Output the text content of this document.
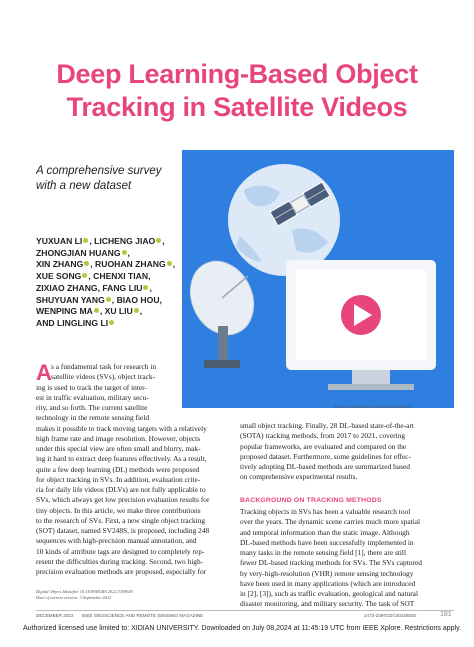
Deep Learning-Based Object
Tracking in Satellite Videos
A comprehensive survey
with a new dataset
IMAGE LICENSED BY INGRAM PUBLISHING
YUXUAN LI , LICHENG JIAO ,
ZHONGJIAN HUANG ,
XIN ZHANG , RUOHAN ZHANG ,
XUE SONG , CHENXI TIAN,
ZIXIAO ZHANG, FANG LIU ,
SHUYUAN YANG , BIAO HOU,
WENPING MA , XU LIU ,
AND LINGLING LI
A s a fundamental task for research in
satellite videos (SVs), object track-
ing is used to track the target of inter-
est in traffic evaluation, military secu-
rity, and so forth. The current satellite
technology in the remote sensing field
makes it possible to track moving targets with a relatively
high frame rate and image resolution. However, objects
under this special view are often small and blurry, mak-
ing it hard to extract deep features effectively. As a result,
quite a few deep learning (DL) methods were proposed
for object tracking in SVs. In addition, evaluation crite-
ria for daily life videos (DLVs) are not fully applicable to
SVs, which always get low precision evaluation results for
tiny objects. In this article, we make three contributions
to the research of SVs. First, a new single object tracking
(SOT) dataset, named SV248S, is proposed, including 248
sequences with high-precision manual annotation, and
10 kinds of attribute tags are designed to completely rep-
resent the difficulties during tracking. Second, two high-
precision evaluation methods are proposed, especially for
small object tracking. Finally, 28 DL-based state-of-the-art
(SOTA) tracking methods, from 2017 to 2021, covering
popular frameworks, are evaluated and compared on the
proposed dataset. Furthermore, some guidelines for effec-
tively adopting DL-based methods are summarized based
on comprehensive experimental results.
BACKGROUND ON TRACKING METHODS
Tracking objects in SVs has been a valuable research tool
over the years. The dynamic scene carries much more spatial
and temporal information than the static image. Although
DL-based methods have been successfully implemented in
many tasks in the remote sensing field [1], there are still
fewer DL-based tracking methods for SVs. The SVs captured
by very-high-resolution (VHR) remote sensing technology
have been used in many applications (which are introduced
in [2], [3]), such as traffic evaluation, geological and natural
disaster monitoring, and military security. The task of SOT
Digital Object Identifier 10.1109/MGRS.2022.3198643
Date of current version: 3 September 2022
DECEMBER 2022 IEEE GEOSCIENCE AND REMOTE SENSING MAGAZINE	2473-2397/22©2022IEEE	181
Authorized licensed use limited to: XIDIAN UNIVERSITY. Downloaded on July 08,2024 at 11:45:19 UTC from IEEE Xplore. Restrictions apply.
